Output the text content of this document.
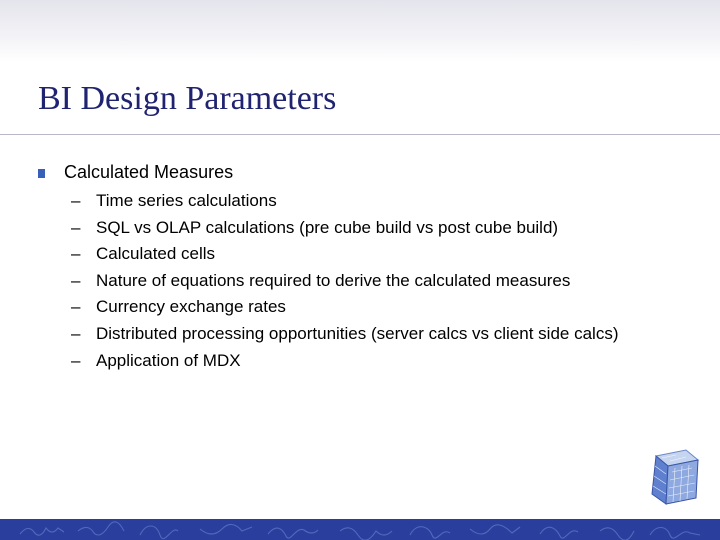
BI Design Parameters
Calculated Measures
– Time series calculations
– SQL vs OLAP calculations (pre cube build vs post cube build)
– Calculated cells
– Nature of equations required to derive the calculated measures
– Currency exchange rates
– Distributed processing opportunities (server calcs vs client side calcs)
– Application of MDX
